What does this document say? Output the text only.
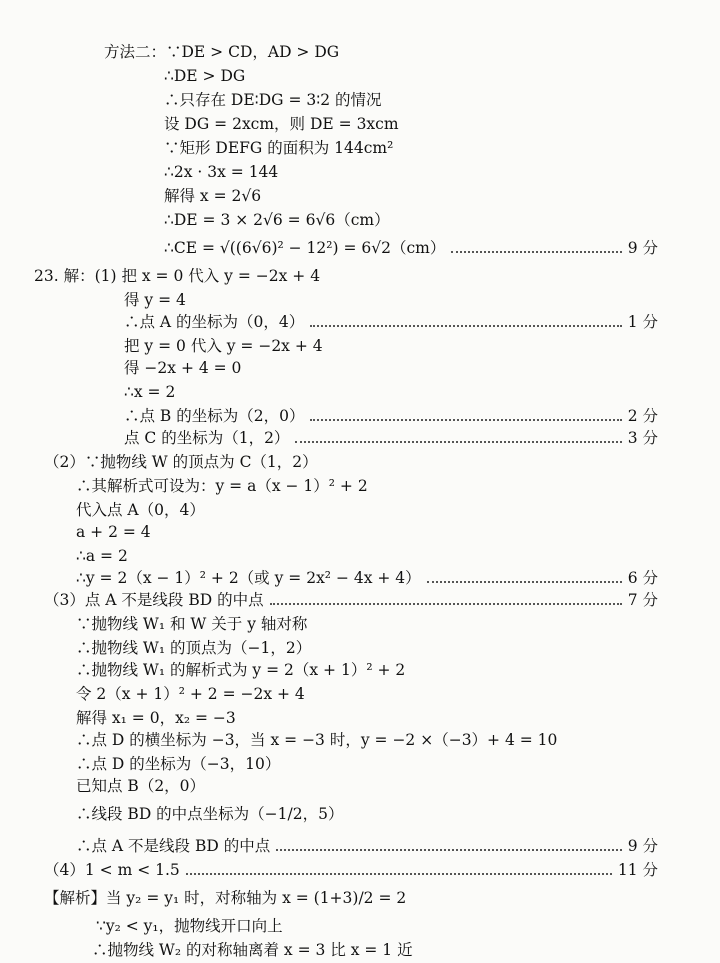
方法二：∵DE > CD，AD > DG
∴DE > DG
∴只存在 DE∶DG = 3∶2 的情况
设 DG = 2xcm，则 DE = 3xcm
∵矩形 DEFG 的面积为 144cm²
∴2x · 3x = 144
解得 x = 2√6
∴DE = 3 × 2√6 = 6√6（cm）
∴CE = √((6√6)² − 12²) = 6√2（cm）	9 分
23. 解：(1) 把 x = 0 代入 y = −2x + 4
得 y = 4
∴点 A 的坐标为（0，4）	1 分
把 y = 0 代入 y = −2x + 4
得 −2x + 4 = 0
∴x = 2
∴点 B 的坐标为（2，0）	2 分
点 C 的坐标为（1，2）	3 分
（2）∵抛物线 W 的顶点为 C（1，2）
∴其解析式可设为：y = a（x − 1）² + 2
代入点 A（0，4）
a + 2 = 4
∴a = 2
∴y = 2（x − 1）² + 2（或 y = 2x² − 4x + 4）	6 分
（3）点 A 不是线段 BD 的中点	7 分
∵抛物线 W₁ 和 W 关于 y 轴对称
∴抛物线 W₁ 的顶点为（−1，2）
∴抛物线 W₁ 的解析式为 y = 2（x + 1）² + 2
令 2（x + 1）² + 2 = −2x + 4
解得 x₁ = 0，x₂ = −3
∴点 D 的横坐标为 −3，当 x = −3 时，y = −2 ×（−3）+ 4 = 10
∴点 D 的坐标为（−3，10）
已知点 B（2，0）
∴线段 BD 的中点坐标为（−1/2，5）
∴点 A 不是线段 BD 的中点	9 分
（4）1 < m < 1.5	11 分
【解析】当 y₂ = y₁ 时，对称轴为 x = (1+3)/2 = 2
∵y₂ < y₁，抛物线开口向上
∴抛物线 W₂ 的对称轴离着 x = 3 比 x = 1 近
